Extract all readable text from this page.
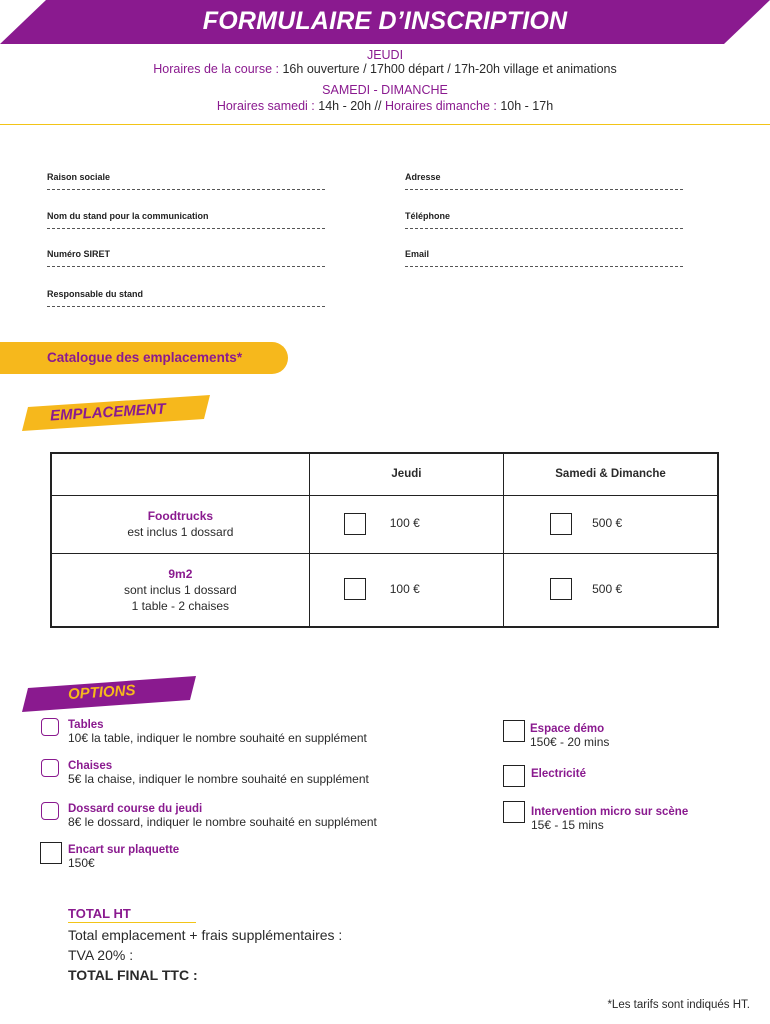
FORMULAIRE D’INSCRIPTION
JEUDI
Horaires de la course : 16h ouverture / 17h00 départ / 17h-20h village et animations
SAMEDI - DIMANCHE
Horaires samedi : 14h - 20h // Horaires dimanche : 10h - 17h
Raison sociale
Nom du stand pour la communication
Numéro SIRET
Responsable du stand
Adresse
Téléphone
Email
Catalogue des emplacements*
EMPLACEMENT
	Jeudi	Samedi & Dimanche

Foodtrucks
est inclus 1 dossard	100 €	500 €

9m2
sont inclus 1 dossard
1 table - 2 chaises	100 €	500 €
OPTIONS
Tables
10€ la table, indiquer le nombre souhaité en supplément
Chaises
5€ la chaise, indiquer le nombre souhaité en supplément
Dossard course du jeudi
8€ le dossard, indiquer le nombre souhaité en supplément
Encart sur plaquette
150€
Espace démo
150€ - 20 mins
Electricité
Intervention micro sur scène
15€ - 15 mins
TOTAL HT
Total emplacement + frais supplémentaires :
TVA 20% :
TOTAL FINAL TTC :
*Les tarifs sont indiqués HT.
